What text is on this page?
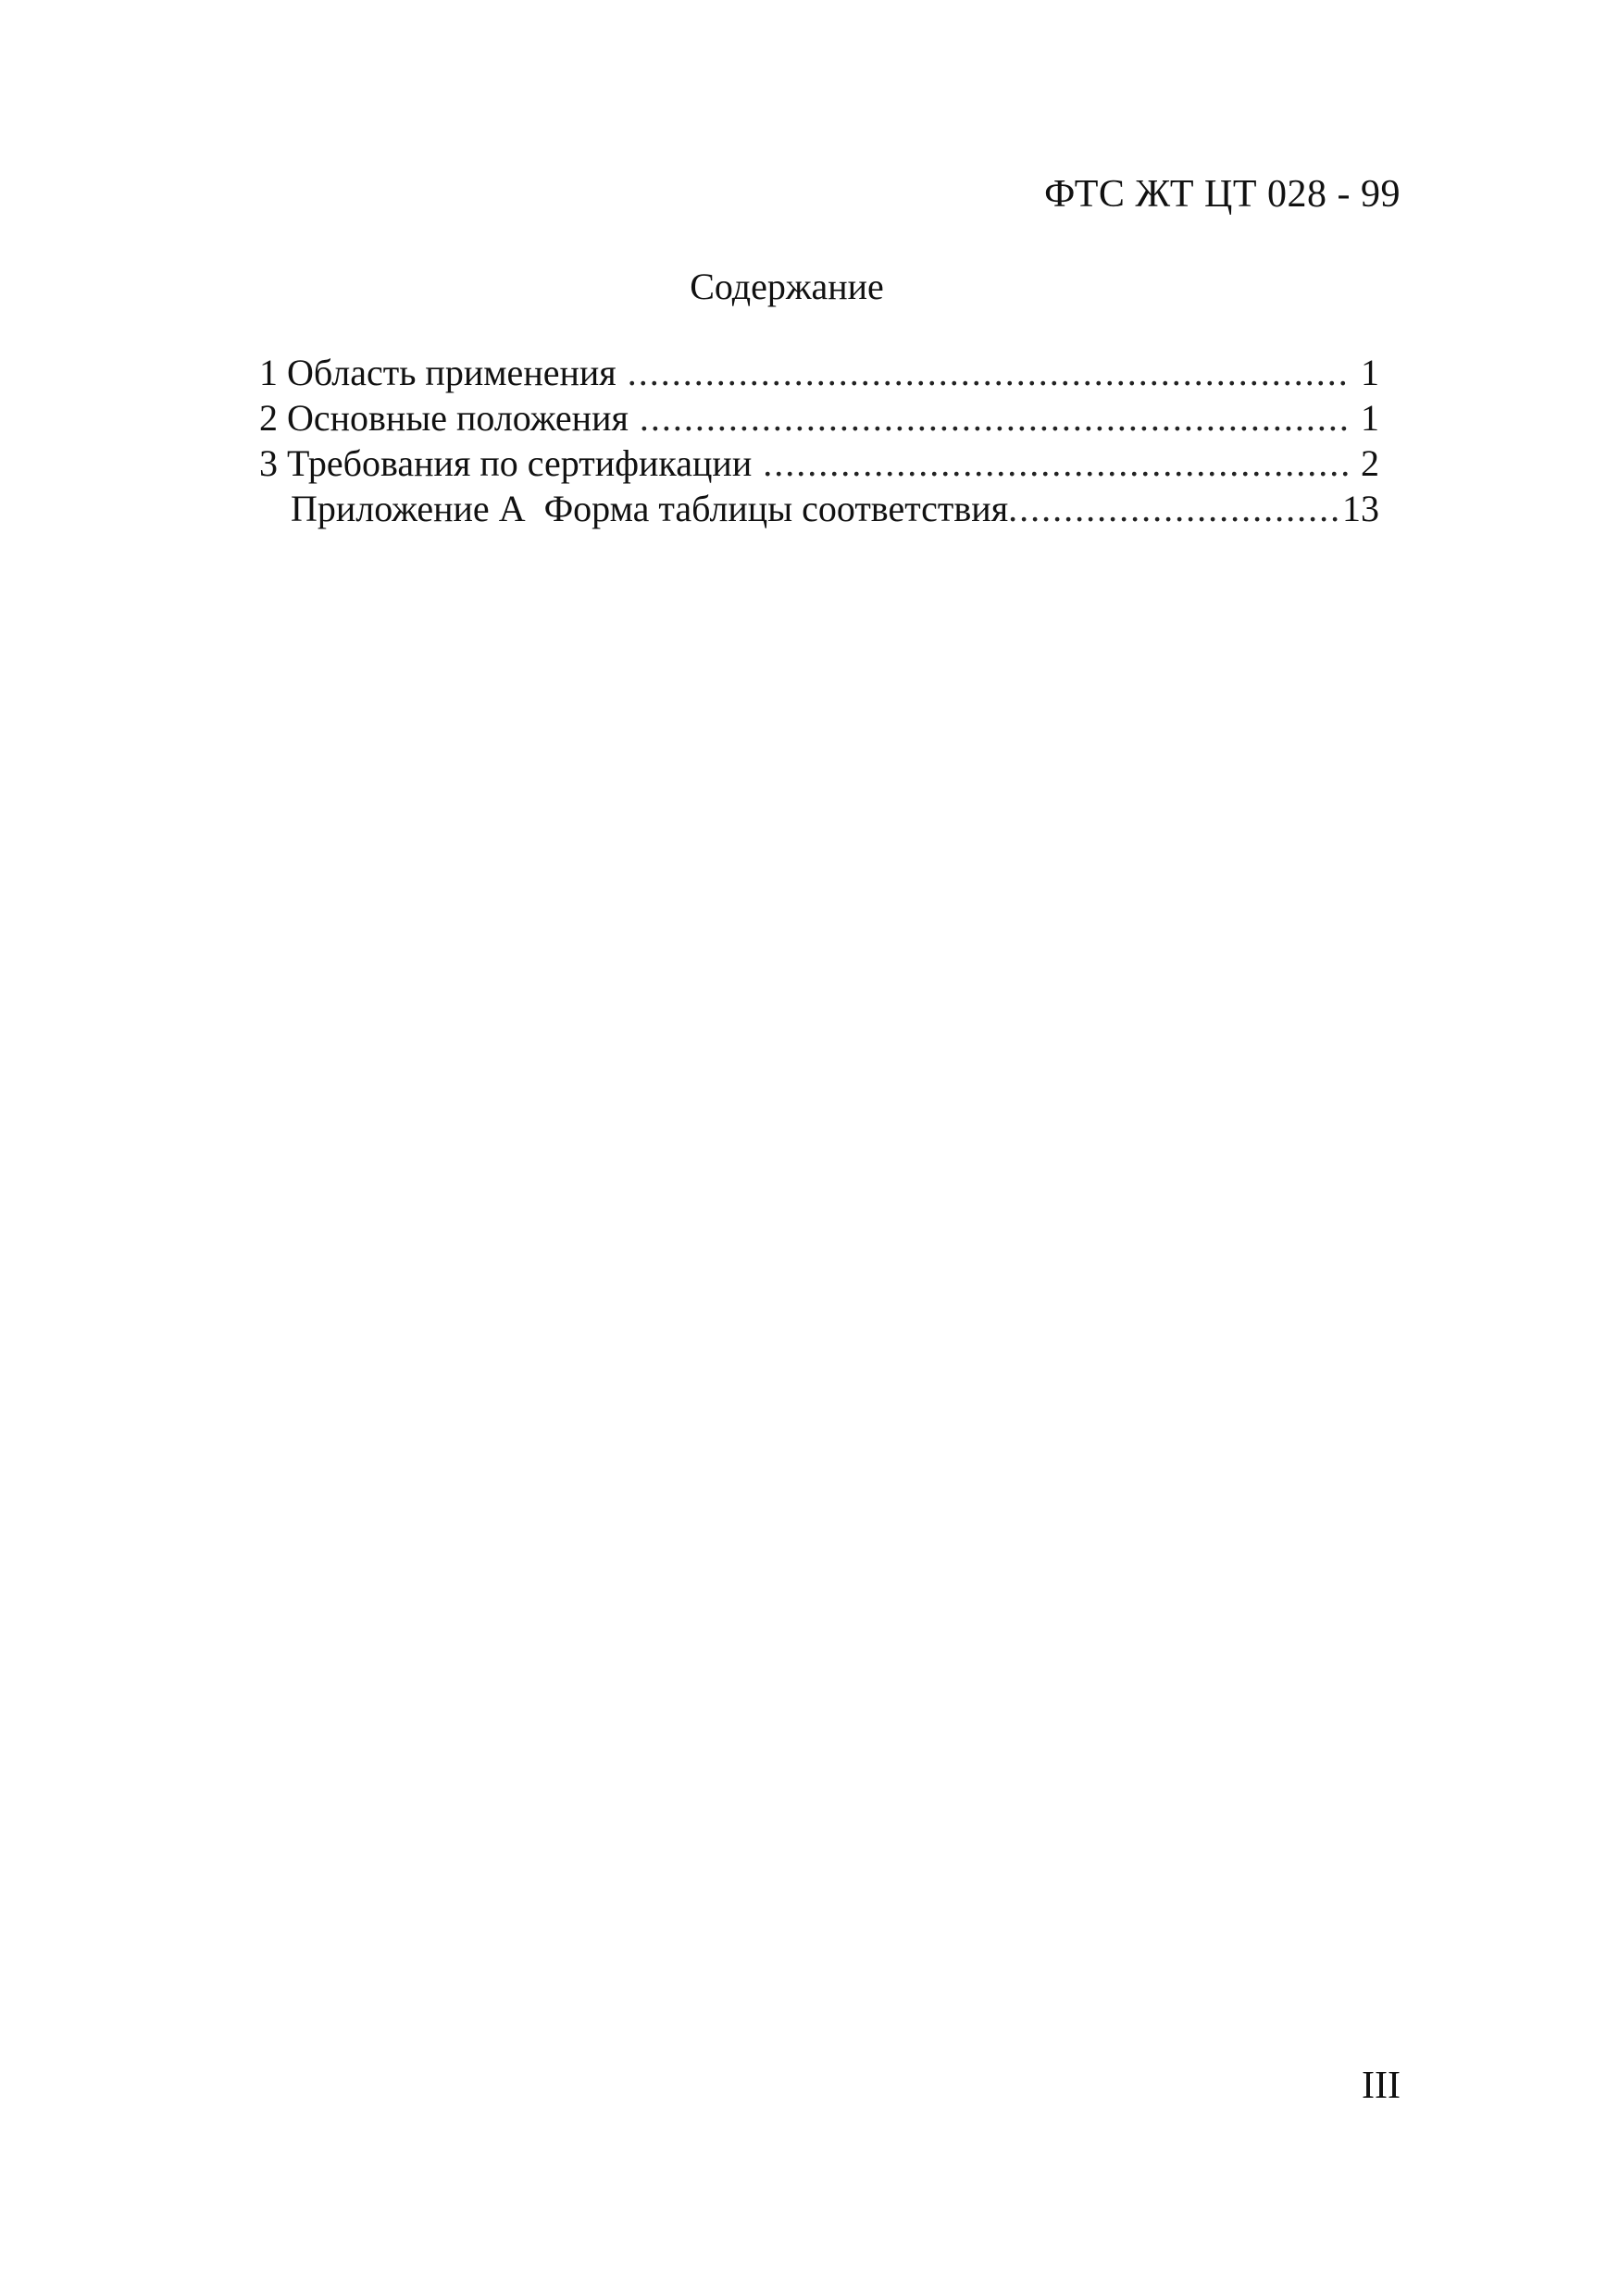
ФТС ЖТ ЦТ 028 - 99
Содержание
1 Область применения .....	1
2 Основные положения .....	1
3 Требования по сертификации .....	2
Приложение А  Форма таблицы соответствия .....	13
III
